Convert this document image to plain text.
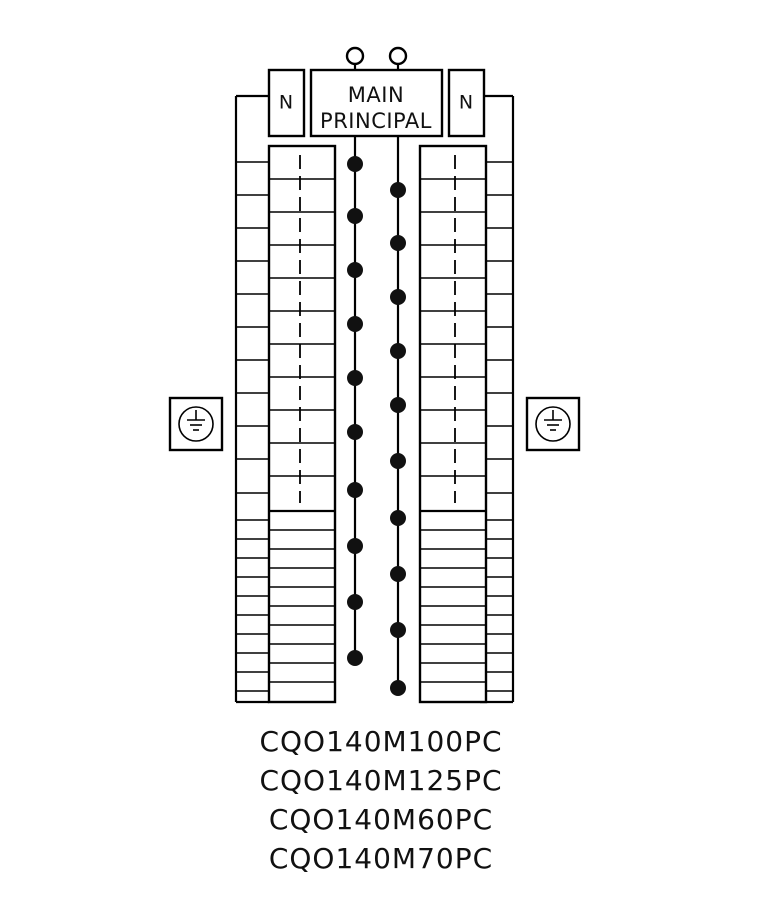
MAIN
PRINCIPAL
N	N
CQO140M100PC
CQO140M125PC
CQO140M60PC
CQO140M70PC
